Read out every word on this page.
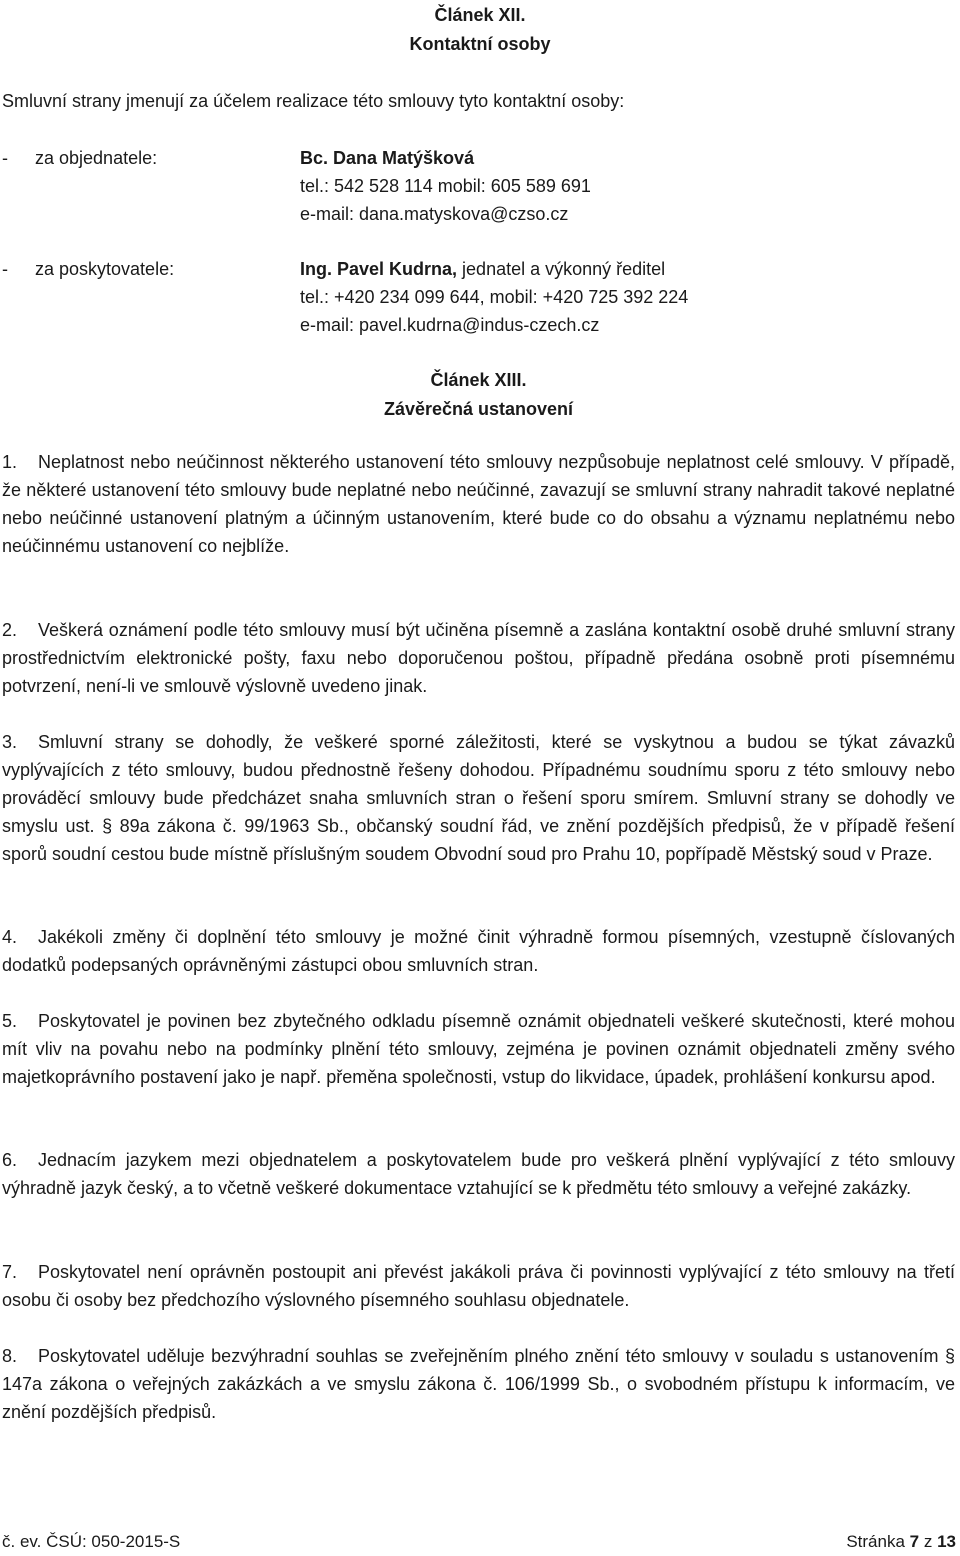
Článek XII.
Kontaktní osoby
Smluvní strany jmenují za účelem realizace této smlouvy tyto kontaktní osoby:
- za objednatele:	Bc. Dana Matýšková
tel.: 542 528 114 mobil: 605 589 691
e-mail: dana.matyskova@czso.cz
- za poskytovatele:	Ing. Pavel Kudrna, jednatel a výkonný ředitel
tel.: +420 234 099 644, mobil: +420 725 392 224
e-mail: pavel.kudrna@indus-czech.cz
Článek XIII.
Závěrečná ustanovení
1. Neplatnost nebo neúčinnost některého ustanovení této smlouvy nezpůsobuje neplatnost celé smlouvy. V případě, že některé ustanovení této smlouvy bude neplatné nebo neúčinné, zavazují se smluvní strany nahradit takové neplatné nebo neúčinné ustanovení platným a účinným ustanovením, které bude co do obsahu a významu neplatnému nebo neúčinnému ustanovení co nejblíže.
2. Veškerá oznámení podle této smlouvy musí být učiněna písemně a zaslána kontaktní osobě druhé smluvní strany prostřednictvím elektronické pošty, faxu nebo doporučenou poštou, případně předána osobně proti písemnému potvrzení, není-li ve smlouvě výslovně uvedeno jinak.
3. Smluvní strany se dohodly, že veškeré sporné záležitosti, které se vyskytnou a budou se týkat závazků vyplývajících z této smlouvy, budou přednostně řešeny dohodou. Případnému soudnímu sporu z této smlouvy nebo prováděcí smlouvy bude předcházet snaha smluvních stran o řešení sporu smírem. Smluvní strany se dohodly ve smyslu ust. § 89a zákona č. 99/1963 Sb., občanský soudní řád, ve znění pozdějších předpisů, že v případě řešení sporů soudní cestou bude místně příslušným soudem Obvodní soud pro Prahu 10, popřípadě Městský soud v Praze.
4. Jakékoli změny či doplnění této smlouvy je možné činit výhradně formou písemných, vzestupně číslovaných dodatků podepsaných oprávněnými zástupci obou smluvních stran.
5. Poskytovatel je povinen bez zbytečného odkladu písemně oznámit objednateli veškeré skutečnosti, které mohou mít vliv na povahu nebo na podmínky plnění této smlouvy, zejména je povinen oznámit objednateli změny svého majetkoprávního postavení jako je např. přeměna společnosti, vstup do likvidace, úpadek, prohlášení konkursu apod.
6. Jednacím jazykem mezi objednatelem a poskytovatelem bude pro veškerá plnění vyplývající z této smlouvy výhradně jazyk český, a to včetně veškeré dokumentace vztahující se k předmětu této smlouvy a veřejné zakázky.
7. Poskytovatel není oprávněn postoupit ani převést jakákoli práva či povinnosti vyplývající z této smlouvy na třetí osobu či osoby bez předchozího výslovného písemného souhlasu objednatele.
8. Poskytovatel uděluje bezvýhradní souhlas se zveřejněním plného znění této smlouvy v souladu s ustanovením § 147a zákona o veřejných zakázkách a ve smyslu zákona č. 106/1999 Sb., o svobodném přístupu k informacím, ve znění pozdějších předpisů.
č. ev. ČSÚ: 050-2015-S	Stránka 7 z 13
